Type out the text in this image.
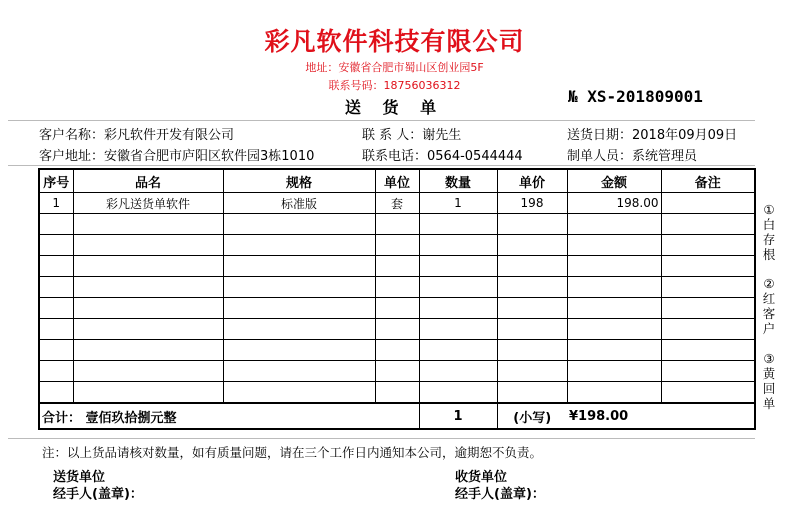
彩凡软件科技有限公司
地址：安徽省合肥市蜀山区创业园5F
联系号码：18756036312
送 货 单
№ XS-201809001
客户名称：彩凡软件开发有限公司	联 系 人：谢先生	送货日期：2018年09月09日
客户地址：安徽省合肥市庐阳区软件园3栋1010	联系电话：0564-0544444	制单人员：系统管理员
序号	品名	规格	单位	数量	单价	金额	备注
1	彩凡送货单软件	标准版	套	1	198	198.00	

合计： 壹佰玖拾捌元整				1	(小写)	¥198.00	
注：以上货品请核对数量，如有质量问题，请在三个工作日内通知本公司，逾期恕不负责。
送货单位
经手人(盖章)：
收货单位
经手人(盖章)：
①白存根
②红客户
③黄回单
